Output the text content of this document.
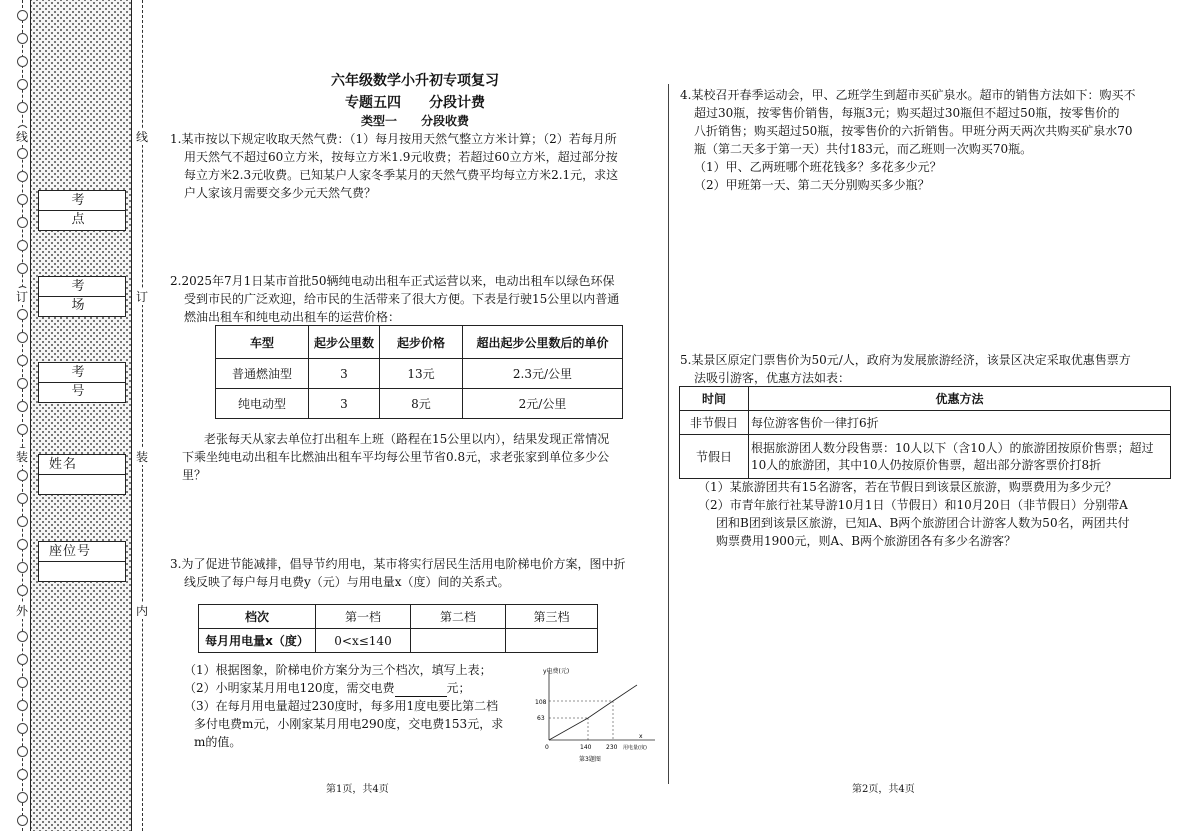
线
订
装
外
线
订
装
内
考　点
考　场
考　号
姓名
座位号
六年级数学小升初专项复习
专题五四　　分段计费
类型一　　分段收费
1.某市按以下规定收取天然气费：（1）每月按用天然气整立方米计算；（2）若每月所
用天然气不超过60立方米，按每立方米1.9元收费；若超过60立方米，超过部分按
每立方米2.3元收费。已知某户人家冬季某月的天然气费平均每立方米2.1元，求这
户人家该月需要交多少元天然气费？
2.2025年7月1日某市首批50辆纯电动出租车正式运营以来，电动出租车以绿色环保
受到市民的广泛欢迎，给市民的生活带来了很大方便。下表是行驶15公里以内普通
燃油出租车和纯电动出租车的运营价格：
车型	起步公里数	起步价格	超出起步公里数后的单价
普通燃油型	3	13元	2.3元/公里
纯电动型	3	8元	2元/公里
老张每天从家去单位打出租车上班（路程在15公里以内），结果发现正常情况
下乘坐纯电动出租车比燃油出租车平均每公里节省0.8元，求老张家到单位多少公
里？
3.为了促进节能减排，倡导节约用电，某市将实行居民生活用电阶梯电价方案，图中折
线反映了每户每月电费y（元）与用电量x（度）间的关系式。
档次	第一档	第二档	第三档
每月用电量x（度）	0<x≤140		
（1）根据图象，阶梯电价方案分为三个档次，填写上表；
（2）小明家某月用电120度，需交电费	元；
（3）在每月用电量超过230度时，每多用1度电要比第二档
多付电费m元，小刚家某月用电290度，交电费153元，求
m的值。
y电费(元)
108
63
0	140 230
x
用电量(度)
第3题图
第1页，共4页
4.某校召开春季运动会，甲、乙班学生到超市买矿泉水。超市的销售方法如下：购买不
超过30瓶，按零售价销售，每瓶3元；购买超过30瓶但不超过50瓶，按零售价的
八折销售；购买超过50瓶，按零售价的六折销售。甲班分两天两次共购买矿泉水70
瓶（第二天多于第一天）共付183元，而乙班则一次购买70瓶。
（1）甲、乙两班哪个班花钱多？多花多少元？
（2）甲班第一天、第二天分别购买多少瓶？
5.某景区原定门票售价为50元/人，政府为发展旅游经济，该景区决定采取优惠售票方
法吸引游客，优惠方法如表：
时间	优惠方法
非节假日	每位游客售价一律打6折
节假日	根据旅游团人数分段售票：10人以下（含10人）的旅游团按原价售票；超过
10人的旅游团，其中10人仍按原价售票，超出部分游客票价打8折
（1）某旅游团共有15名游客，若在节假日到该景区旅游，购票费用为多少元？
（2）市青年旅行社某导游10月1日（节假日）和10月20日（非节假日）分别带A
团和B团到该景区旅游，已知A、B两个旅游团合计游客人数为50名，两团共付
购票费用1900元，则A、B两个旅游团各有多少名游客？
第2页，共4页
